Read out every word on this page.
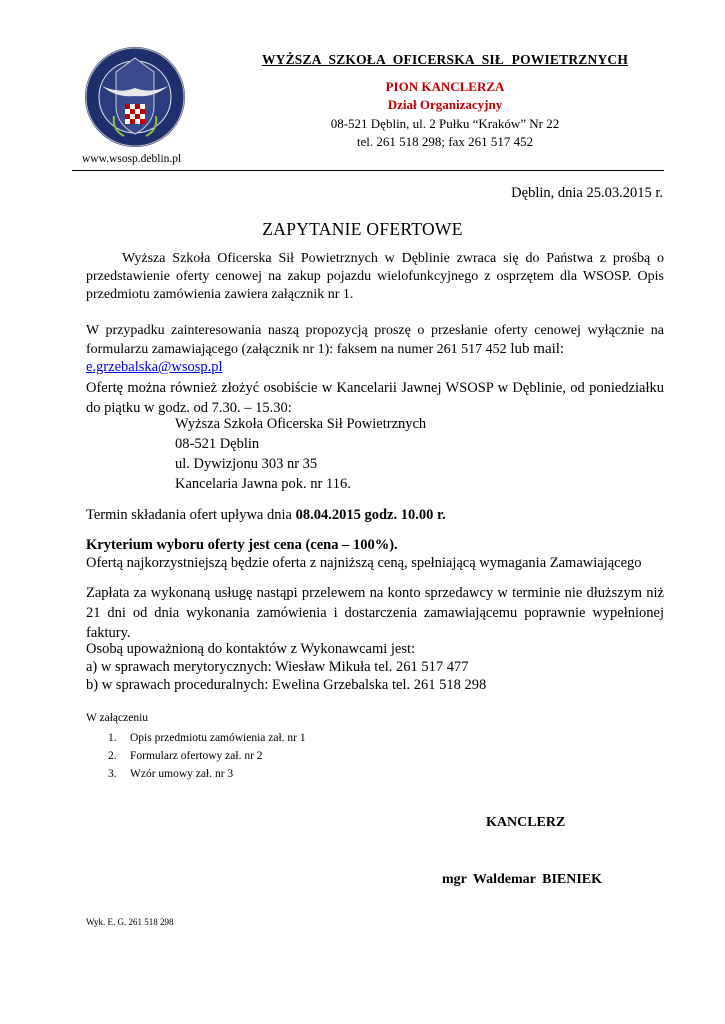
www.wsosp.deblin.pl
WYŻSZA SZKOŁA OFICERSKA SIŁ POWIETRZNYCH
PION KANCLERZA
Dział Organizacyjny
08-521 Dęblin, ul. 2 Pułku “Kraków” Nr 22
tel. 261 518 298; fax 261 517 452
Dęblin, dnia 25.03.2015 r.
ZAPYTANIE OFERTOWE
Wyższa Szkoła Oficerska Sił Powietrznych w Dęblinie zwraca się do Państwa z prośbą o przedstawienie oferty cenowej na zakup pojazdu wielofunkcyjnego z osprzętem dla WSOSP. Opis przedmiotu zamówienia zawiera załącznik nr 1.
W przypadku zainteresowania naszą propozycją proszę o przesłanie oferty cenowej wyłącznie na formularzu zamawiającego (załącznik nr 1): faksem na numer 261 517 452 lub mail:
e.grzebalska@wsosp.pl
Ofertę można również złożyć osobiście w Kancelarii Jawnej WSOSP w Dęblinie, od poniedziałku do piątku w godz. od 7.30. – 15.30:
Wyższa Szkoła Oficerska Sił Powietrznych
08-521 Dęblin
ul. Dywizjonu 303 nr 35
Kancelaria Jawna pok. nr 116.
Termin składania ofert upływa dnia 08.04.2015 godz. 10.00 r.
Kryterium wyboru oferty jest cena (cena – 100%).
Ofertą najkorzystniejszą będzie oferta z najniższą ceną, spełniającą wymagania Zamawiającego
Zapłata za wykonaną usługę nastąpi przelewem na konto sprzedawcy w terminie nie dłuższym niż 21 dni od dnia wykonania zamówienia i dostarczenia zamawiającemu poprawnie wypełnionej faktury.
Osobą upoważnioną do kontaktów z Wykonawcami jest:
a) w sprawach merytorycznych: Wiesław Mikuła tel. 261 517 477
b) w sprawach proceduralnych: Ewelina Grzebalska tel. 261 518 298
W załączeniu
1.	Opis przedmiotu zamówienia zał. nr 1
2.	Formularz ofertowy zał. nr 2
3.	Wzór umowy zał. nr 3
KANCLERZ
mgr Waldemar BIENIEK
Wyk. E. G. 261 518 298
